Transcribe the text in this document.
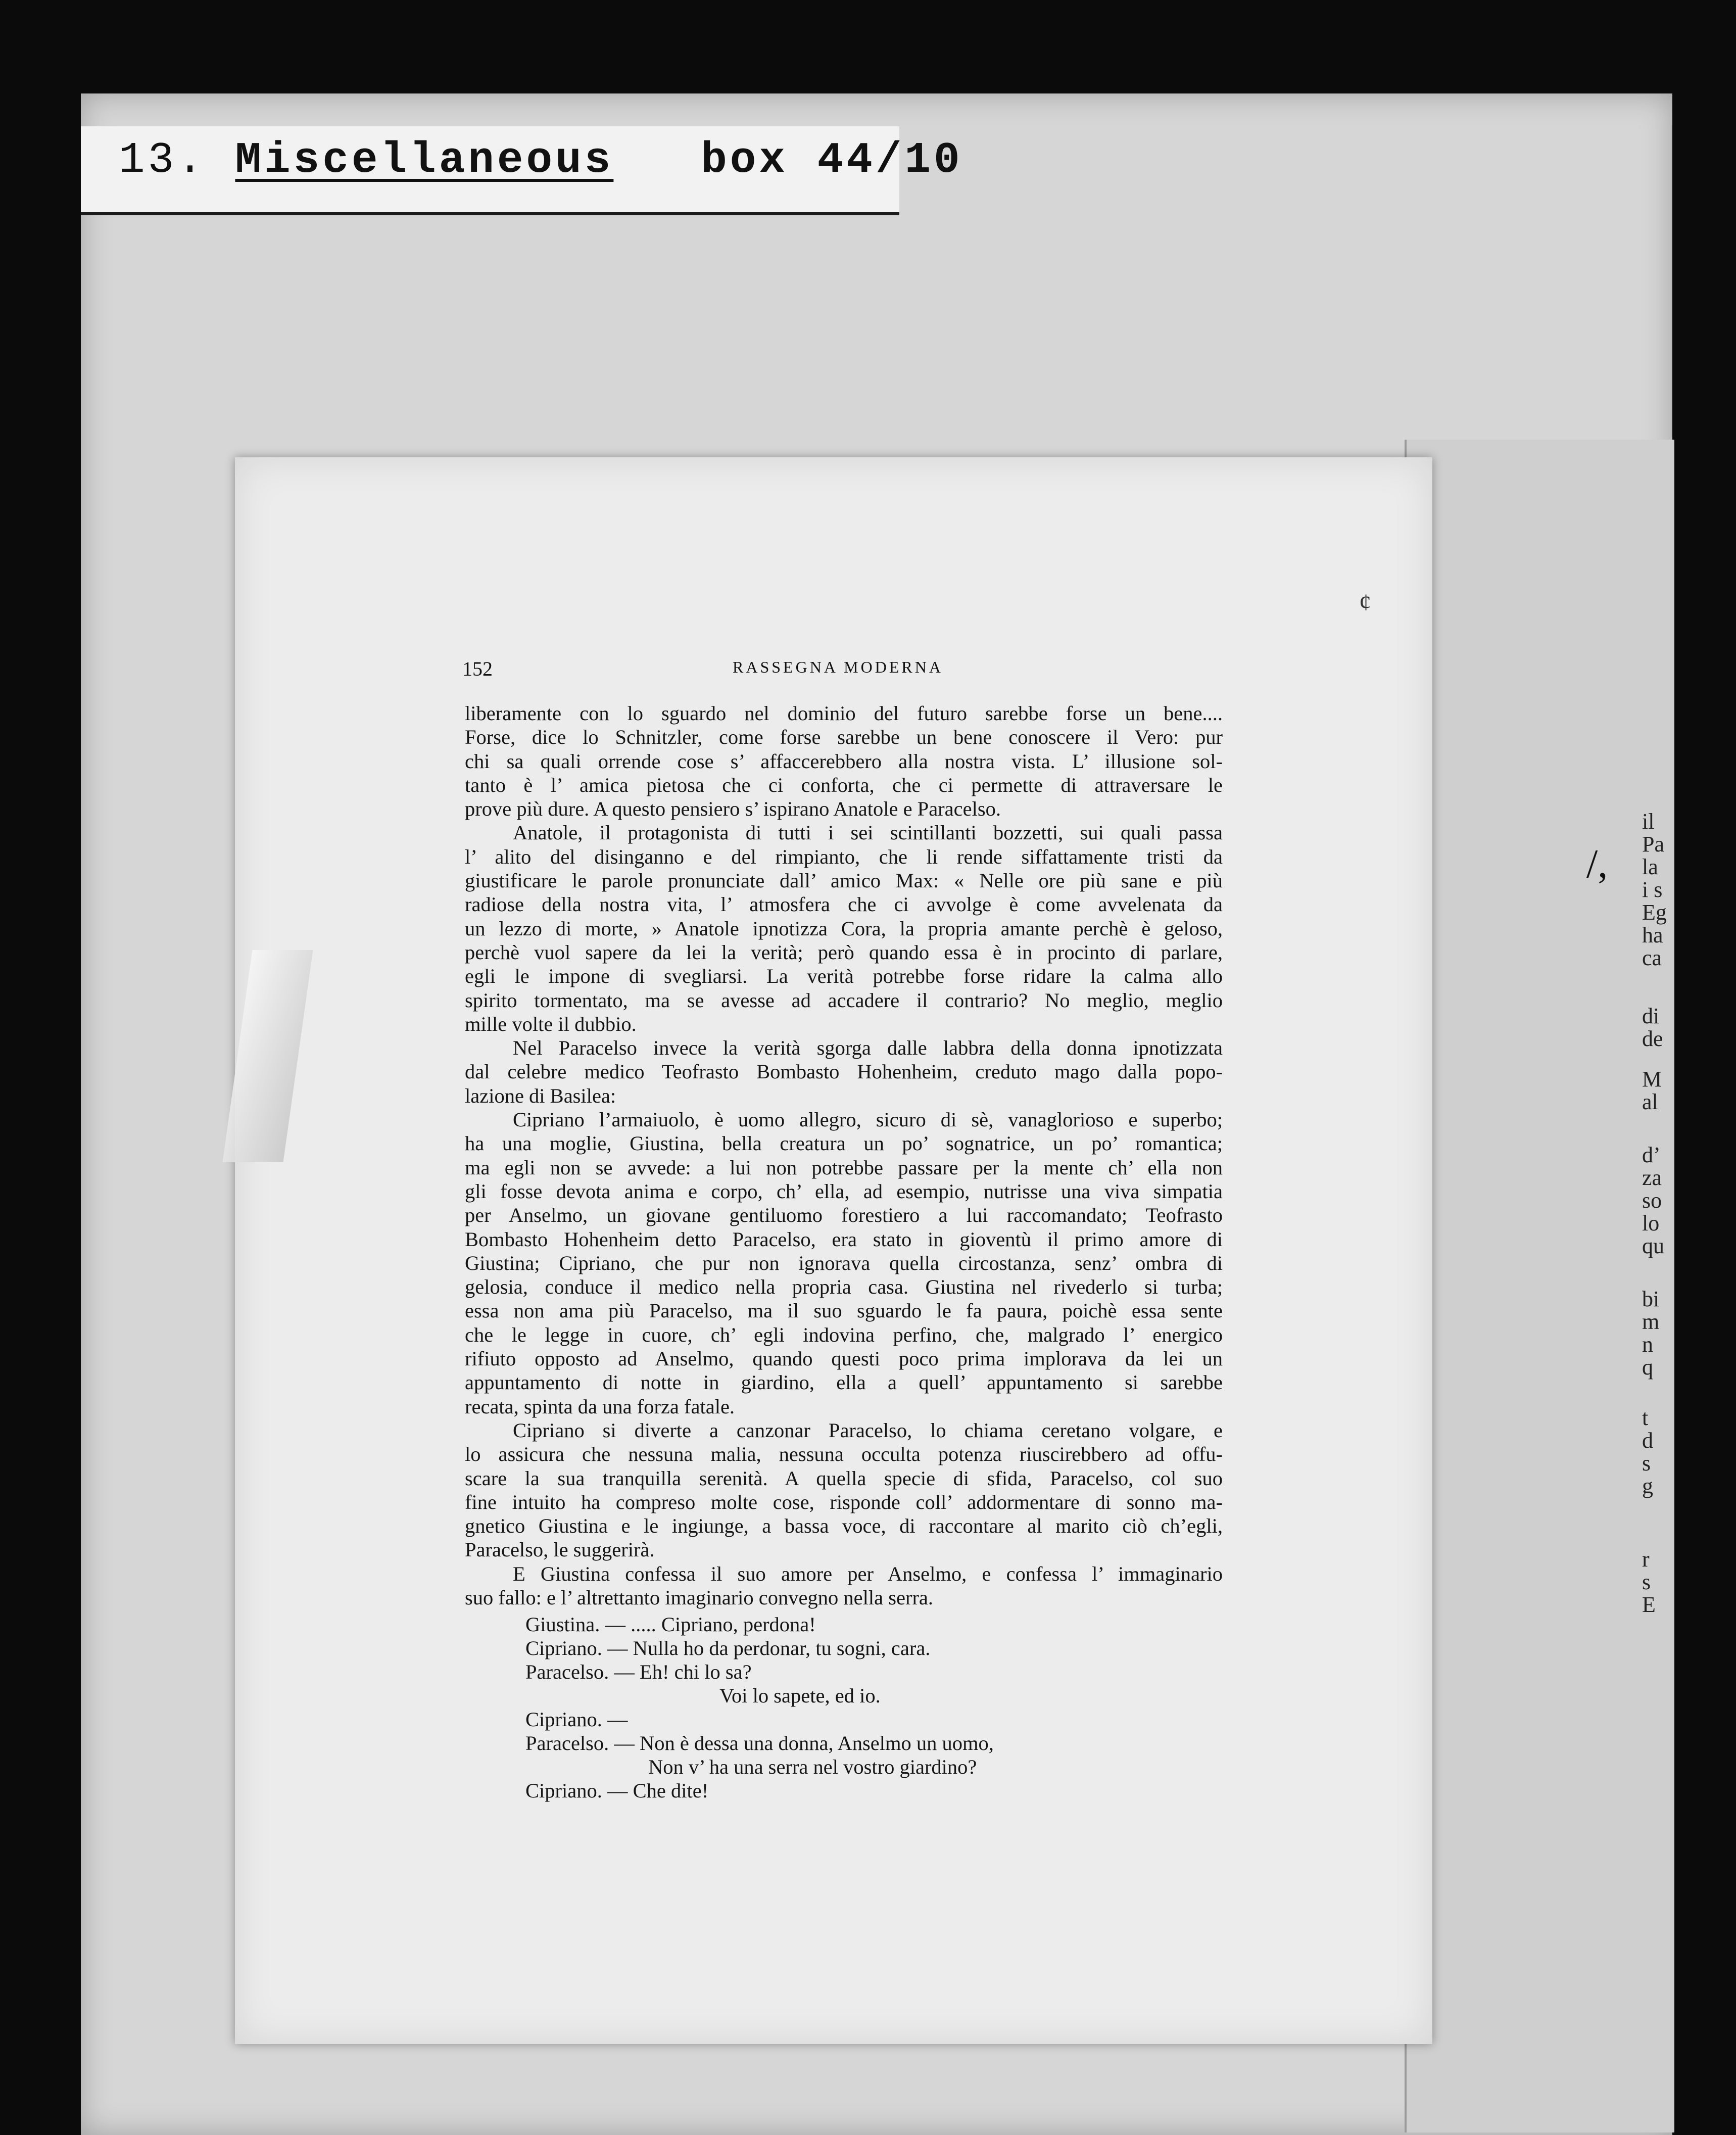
il
Pa
la
i s
Eg
ha
ca
di
de
M
al
d’
za
so
lo
qu
bi
m
n
q
t
d
s
g
r
s
E
13. Miscellaneous box 44/10
152	RASSEGNA MODERNA
liberamente con lo sguardo nel dominio del futuro sarebbe forse un bene....
Forse, dice lo Schnitzler, come forse sarebbe un bene conoscere il Vero: pur
chi sa quali orrende cose s’ affaccerebbero alla nostra vista. L’ illusione sol-
tanto è l’ amica pietosa che ci conforta, che ci permette di attraversare le
prove più dure. A questo pensiero s’ ispirano Anatole e Paracelso.
Anatole, il protagonista di tutti i sei scintillanti bozzetti, sui quali passa
l’ alito del disinganno e del rimpianto, che li rende siffattamente tristi da
giustificare le parole pronunciate dall’ amico Max: « Nelle ore più sane e più
radiose della nostra vita, l’ atmosfera che ci avvolge è come avvelenata da
un lezzo di morte, » Anatole ipnotizza Cora, la propria amante perchè è geloso,
perchè vuol sapere da lei la verità; però quando essa è in procinto di parlare,
egli le impone di svegliarsi. La verità potrebbe forse ridare la calma allo
spirito tormentato, ma se avesse ad accadere il contrario? No meglio, meglio
mille volte il dubbio.
Nel Paracelso invece la verità sgorga dalle labbra della donna ipnotizzata
dal celebre medico Teofrasto Bombasto Hohenheim, creduto mago dalla popo-
lazione di Basilea:
Cipriano l’armaiuolo, è uomo allegro, sicuro di sè, vanaglorioso e superbo;
ha una moglie, Giustina, bella creatura un po’ sognatrice, un po’ romantica;
ma egli non se avvede: a lui non potrebbe passare per la mente ch’ ella non
gli fosse devota anima e corpo, ch’ ella, ad esempio, nutrisse una viva simpatia
per Anselmo, un giovane gentiluomo forestiero a lui raccomandato; Teofrasto
Bombasto Hohenheim detto Paracelso, era stato in gioventù il primo amore di
Giustina; Cipriano, che pur non ignorava quella circostanza, senz’ ombra di
gelosia, conduce il medico nella propria casa. Giustina nel rivederlo si turba;
essa non ama più Paracelso, ma il suo sguardo le fa paura, poichè essa sente
che le legge in cuore, ch’ egli indovina perfino, che, malgrado l’ energico
rifiuto opposto ad Anselmo, quando questi poco prima implorava da lei un
appuntamento di notte in giardino, ella a quell’ appuntamento si sarebbe
recata, spinta da una forza fatale.
Cipriano si diverte a canzonar Paracelso, lo chiama ceretano volgare, e
lo assicura che nessuna malia, nessuna occulta potenza riuscirebbero ad offu-
scare la sua tranquilla serenità. A quella specie di sfida, Paracelso, col suo
fine intuito ha compreso molte cose, risponde coll’ addormentare di sonno ma-
gnetico Giustina e le ingiunge, a bassa voce, di raccontare al marito ciò ch’egli,
Paracelso, le suggerirà.
E Giustina confessa il suo amore per Anselmo, e confessa l’ immaginario
suo fallo: e l’ altrettanto imaginario convegno nella serra.
Giustina. — ..... Cipriano, perdona!
Cipriano. — Nulla ho da perdonar, tu sogni, cara.
Paracelso. — Eh! chi lo sa?
Voi lo sapete, ed io.
Cipriano. —
Paracelso. — Non è dessa una donna, Anselmo un uomo,
Non v’ ha una serra nel vostro giardino?
Cipriano. — Che dite!
ȼ
/,
